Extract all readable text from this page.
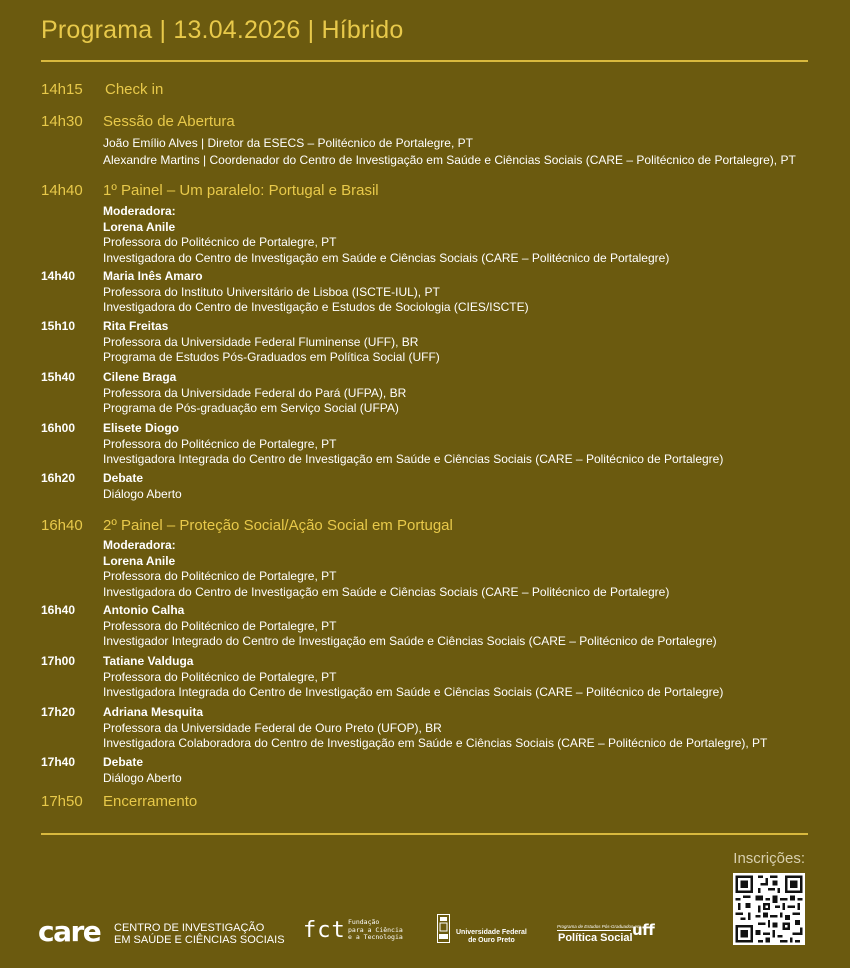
Programa | 13.04.2026 | Híbrido
14h15 Check in
14h30 Sessão de Abertura
João Emílio Alves | Diretor da ESECS – Politécnico de Portalegre, PT
Alexandre Martins | Coordenador do Centro de Investigação em Saúde e Ciências Sociais (CARE – Politécnico de Portalegre), PT
14h40 1º Painel – Um paralelo: Portugal e Brasil
Moderadora:
Lorena Anile
Professora do Politécnico de Portalegre, PT
Investigadora do Centro de Investigação em Saúde e Ciências Sociais (CARE – Politécnico de Portalegre)
14h40 Maria Inês Amaro
Professora do Instituto Universitário de Lisboa (ISCTE-IUL), PT
Investigadora do Centro de Investigação e Estudos de Sociologia (CIES/ISCTE)
15h10 Rita Freitas
Professora da Universidade Federal Fluminense (UFF), BR
Programa de Estudos Pós-Graduados em Política Social (UFF)
15h40 Cilene Braga
Professora da Universidade Federal do Pará (UFPA), BR
Programa de Pós-graduação em Serviço Social (UFPA)
16h00 Elisete Diogo
Professora do Politécnico de Portalegre, PT
Investigadora Integrada do Centro de Investigação em Saúde e Ciências Sociais (CARE – Politécnico de Portalegre)
16h20 Debate
Diálogo Aberto
16h40 2º Painel – Proteção Social/Ação Social em Portugal
Moderadora:
Lorena Anile
Professora do Politécnico de Portalegre, PT
Investigadora do Centro de Investigação em Saúde e Ciências Sociais (CARE – Politécnico de Portalegre)
16h40 Antonio Calha
Professora do Politécnico de Portalegre, PT
Investigador Integrado do Centro de Investigação em Saúde e Ciências Sociais (CARE – Politécnico de Portalegre)
17h00 Tatiane Valduga
Professora do Politécnico de Portalegre, PT
Investigadora Integrada do Centro de Investigação em Saúde e Ciências Sociais (CARE – Politécnico de Portalegre)
17h20 Adriana Mesquita
Professora da Universidade Federal de Ouro Preto (UFOP), BR
Investigadora Colaboradora do Centro de Investigação em Saúde e Ciências Sociais (CARE – Politécnico de Portalegre), PT
17h40 Debate
Diálogo Aberto
17h50 Encerramento
Inscrições:
care CENTRO DE INVESTIGAÇÃO
EM SAÚDE E CIÊNCIAS SOCIAIS fct Fundação
para a Ciência
e a Tecnologia
Universidade Federal
de Ouro Preto
Programa de Estudos Pós-Graduados em
Política Social uff
